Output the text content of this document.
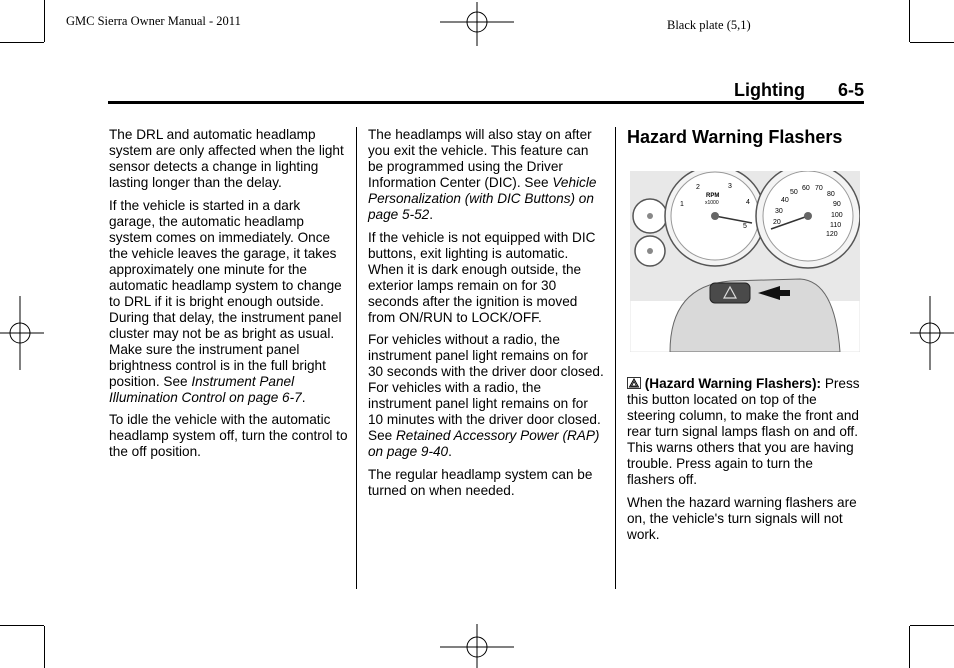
GMC Sierra Owner Manual - 2011	Black plate (5,1)
Lighting 6-5

The DRL and automatic headlamp system are only affected when the light sensor detects a change in lighting lasting longer than the delay.

If the vehicle is started in a dark garage, the automatic headlamp system comes on immediately. Once the vehicle leaves the garage, it takes approximately one minute for the automatic headlamp system to change to DRL if it is bright enough outside. During that delay, the instrument panel cluster may not be as bright as usual. Make sure the instrument panel brightness control is in the full bright position. See Instrument Panel Illumination Control on page 6-7.

To idle the vehicle with the automatic headlamp system off, turn the control to the off position.

The headlamps will also stay on after you exit the vehicle. This feature can be programmed using the Driver Information Center (DIC). See Vehicle Personalization (with DIC Buttons) on page 5-52.

If the vehicle is not equipped with DIC buttons, exit lighting is automatic. When it is dark enough outside, the exterior lamps remain on for 30 seconds after the ignition is moved from ON/RUN to LOCK/OFF.

For vehicles without a radio, the instrument panel light remains on for 30 seconds with the driver door closed. For vehicles with a radio, the instrument panel light remains on for 10 minutes with the driver door closed. See Retained Accessory Power (RAP) on page 9-40.

The regular headlamp system can be turned on when needed.

Hazard Warning Flashers
RPM
x1000
1
2	3
4
5
20
30
40
50
60 70
80
90
100
110
120

(Hazard Warning Flashers): Press this button located on top of the steering column, to make the front and rear turn signal lamps flash on and off. This warns others that you are having trouble. Press again to turn the flashers off.

When the hazard warning flashers are on, the vehicle's turn signals will not work.
